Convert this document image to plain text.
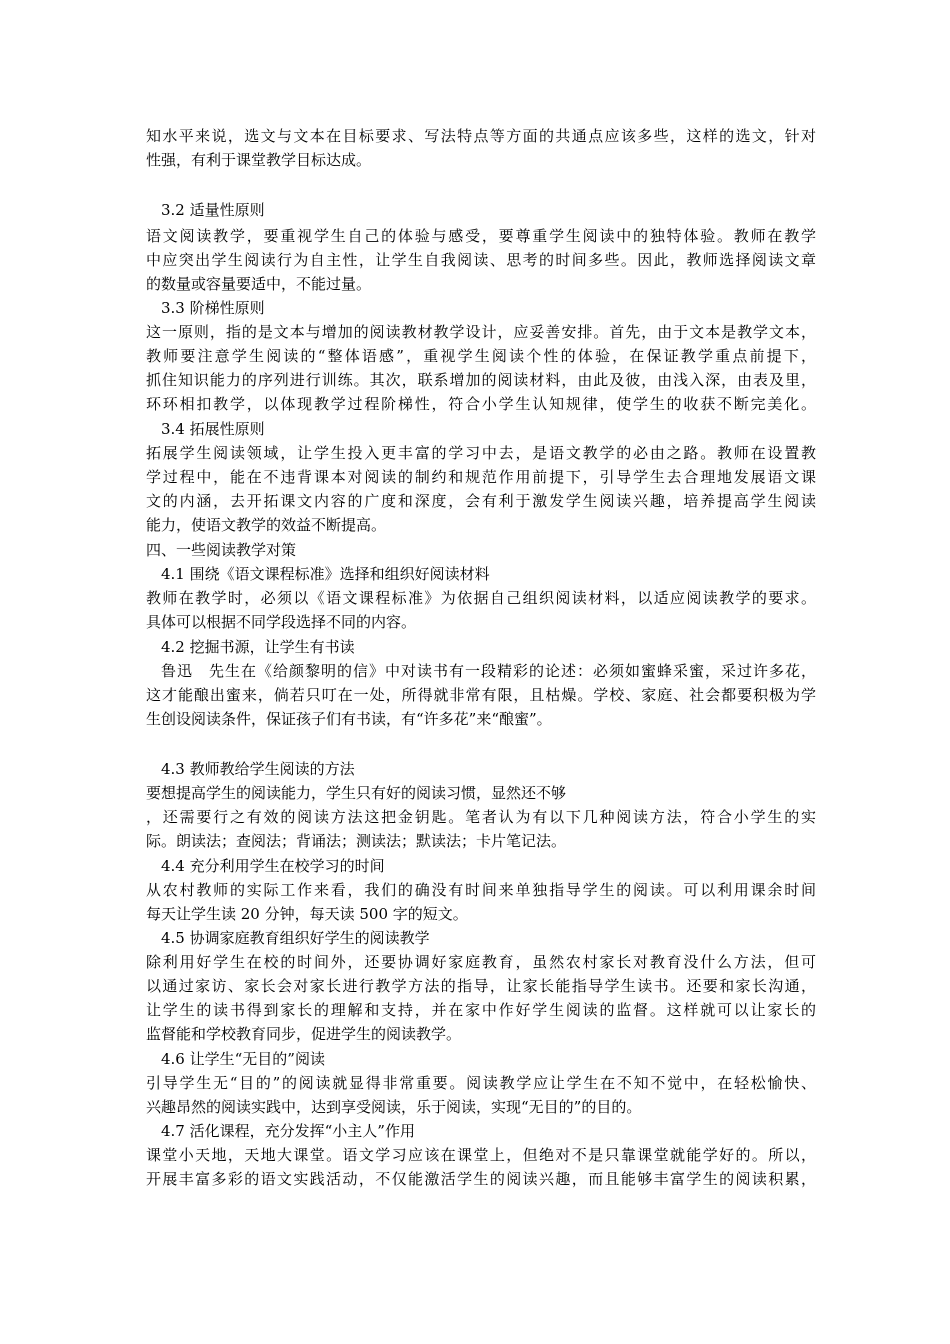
知水平来说，选文与文本在目标要求、写法特点等方面的共通点应该多些，这样的选文，针对
性强，有利于课堂教学目标达成。
3.2 适量性原则
语文阅读教学，要重视学生自己的体验与感受，要尊重学生阅读中的独特体验。教师在教学
中应突出学生阅读行为自主性，让学生自我阅读、思考的时间多些。因此，教师选择阅读文章
的数量或容量要适中，不能过量。
3.3 阶梯性原则
这一原则，指的是文本与增加的阅读教材教学设计，应妥善安排。首先，由于文本是教学文本，
教师要注意学生阅读的“整体语感”，重视学生阅读个性的体验，在保证教学重点前提下，
抓住知识能力的序列进行训练。其次，联系增加的阅读材料，由此及彼，由浅入深，由表及里，
环环相扣教学，以体现教学过程阶梯性，符合小学生认知规律，使学生的收获不断完美化。
3.4 拓展性原则
拓展学生阅读领域，让学生投入更丰富的学习中去，是语文教学的必由之路。教师在设置教
学过程中，能在不违背课本对阅读的制约和规范作用前提下，引导学生去合理地发展语文课
文的内涵，去开拓课文内容的广度和深度，会有利于激发学生阅读兴趣，培养提高学生阅读
能力，使语文教学的效益不断提高。
四、一些阅读教学对策
4.1 围绕《语文课程标准》选择和组织好阅读材料
教师在教学时，必须以《语文课程标准》为依据自己组织阅读材料，以适应阅读教学的要求。
具体可以根据不同学段选择不同的内容。
4.2 挖掘书源，让学生有书读
鲁迅　先生在《给颜黎明的信》中对读书有一段精彩的论述：必须如蜜蜂采蜜，采过许多花，
这才能酿出蜜来，倘若只叮在一处，所得就非常有限，且枯燥。学校、家庭、社会都要积极为学
生创设阅读条件，保证孩子们有书读，有“许多花”来“酿蜜”。
4.3 教师教给学生阅读的方法
要想提高学生的阅读能力，学生只有好的阅读习惯，显然还不够
，还需要行之有效的阅读方法这把金钥匙。笔者认为有以下几种阅读方法，符合小学生的实
际。朗读法；查阅法；背诵法；测读法；默读法；卡片笔记法。
4.4 充分利用学生在校学习的时间
从农村教师的实际工作来看，我们的确没有时间来单独指导学生的阅读。可以利用课余时间
每天让学生读 20 分钟，每天读 500 字的短文。
4.5 协调家庭教育组织好学生的阅读教学
除利用好学生在校的时间外，还要协调好家庭教育，虽然农村家长对教育没什么方法，但可
以通过家访、家长会对家长进行教学方法的指导，让家长能指导学生读书。还要和家长沟通，
让学生的读书得到家长的理解和支持，并在家中作好学生阅读的监督。这样就可以让家长的
监督能和学校教育同步，促进学生的阅读教学。
4.6 让学生“无目的”阅读
引导学生无“目的”的阅读就显得非常重要。阅读教学应让学生在不知不觉中，在轻松愉快、
兴趣昂然的阅读实践中，达到享受阅读，乐于阅读，实现“无目的”的目的。
4.7 活化课程，充分发挥“小主人”作用
课堂小天地，天地大课堂。语文学习应该在课堂上，但绝对不是只靠课堂就能学好的。所以，
开展丰富多彩的语文实践活动，不仅能激活学生的阅读兴趣，而且能够丰富学生的阅读积累，
